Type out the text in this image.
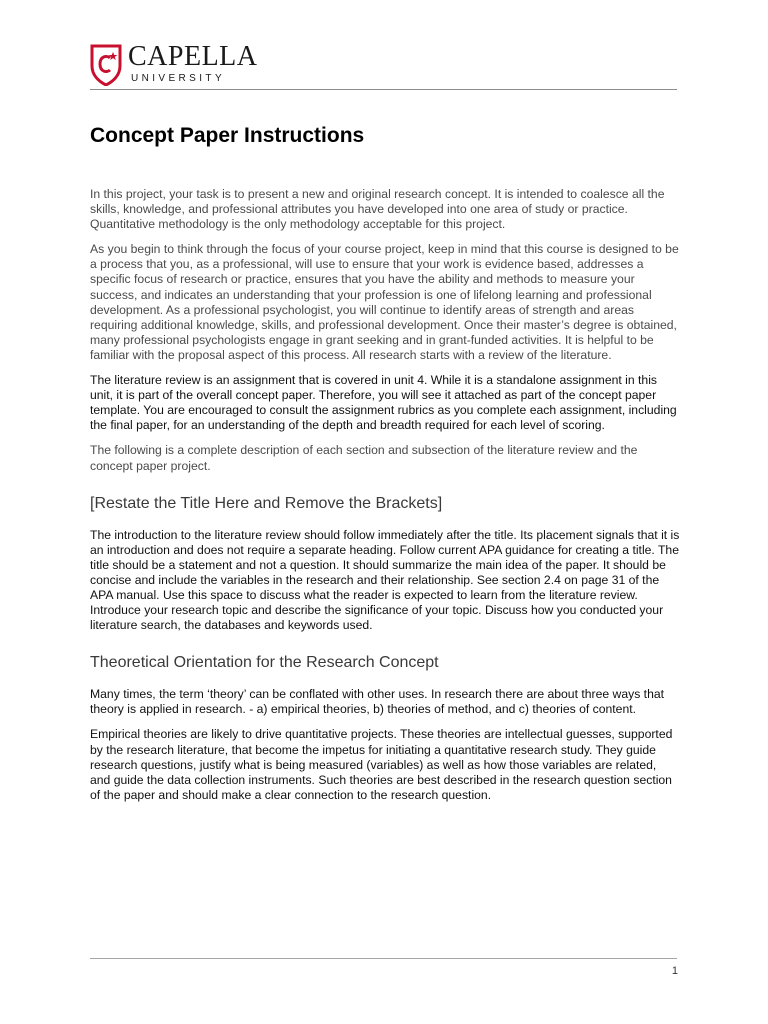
CAPELLA
UNIVERSITY
Concept Paper Instructions

In this project, your task is to present a new and original research concept. It is intended to coalesce all the skills, knowledge, and professional attributes you have developed into one area of study or practice. Quantitative methodology is the only methodology acceptable for this project.

As you begin to think through the focus of your course project, keep in mind that this course is designed to be a process that you, as a professional, will use to ensure that your work is evidence based, addresses a specific focus of research or practice, ensures that you have the ability and methods to measure your success, and indicates an understanding that your profession is one of lifelong learning and professional development. As a professional psychologist, you will continue to identify areas of strength and areas requiring additional knowledge, skills, and professional development. Once their master’s degree is obtained, many professional psychologists engage in grant seeking and in grant-funded activities. It is helpful to be familiar with the proposal aspect of this process. All research starts with a review of the literature.

The literature review is an assignment that is covered in unit 4. While it is a standalone assignment in this unit, it is part of the overall concept paper. Therefore, you will see it attached as part of the concept paper template. You are encouraged to consult the assignment rubrics as you complete each assignment, including the final paper, for an understanding of the depth and breadth required for each level of scoring.

The following is a complete description of each section and subsection of the literature review and the concept paper project.

[Restate the Title Here and Remove the Brackets]

The introduction to the literature review should follow immediately after the title. Its placement signals that it is an introduction and does not require a separate heading. Follow current APA guidance for creating a title. The title should be a statement and not a question. It should summarize the main idea of the paper. It should be concise and include the variables in the research and their relationship. See section 2.4 on page 31 of the APA manual. Use this space to discuss what the reader is expected to learn from the literature review. Introduce your research topic and describe the significance of your topic. Discuss how you conducted your literature search, the databases and keywords used.

Theoretical Orientation for the Research Concept

Many times, the term ‘theory’ can be conflated with other uses. In research there are about three ways that theory is applied in research. - a) empirical theories, b) theories of method, and c) theories of content.

Empirical theories are likely to drive quantitative projects. These theories are intellectual guesses, supported by the research literature, that become the impetus for initiating a quantitative research study. They guide research questions, justify what is being measured (variables) as well as how those variables are related, and guide the data collection instruments. Such theories are best described in the research question section of the paper and should make a clear connection to the research question.

1
